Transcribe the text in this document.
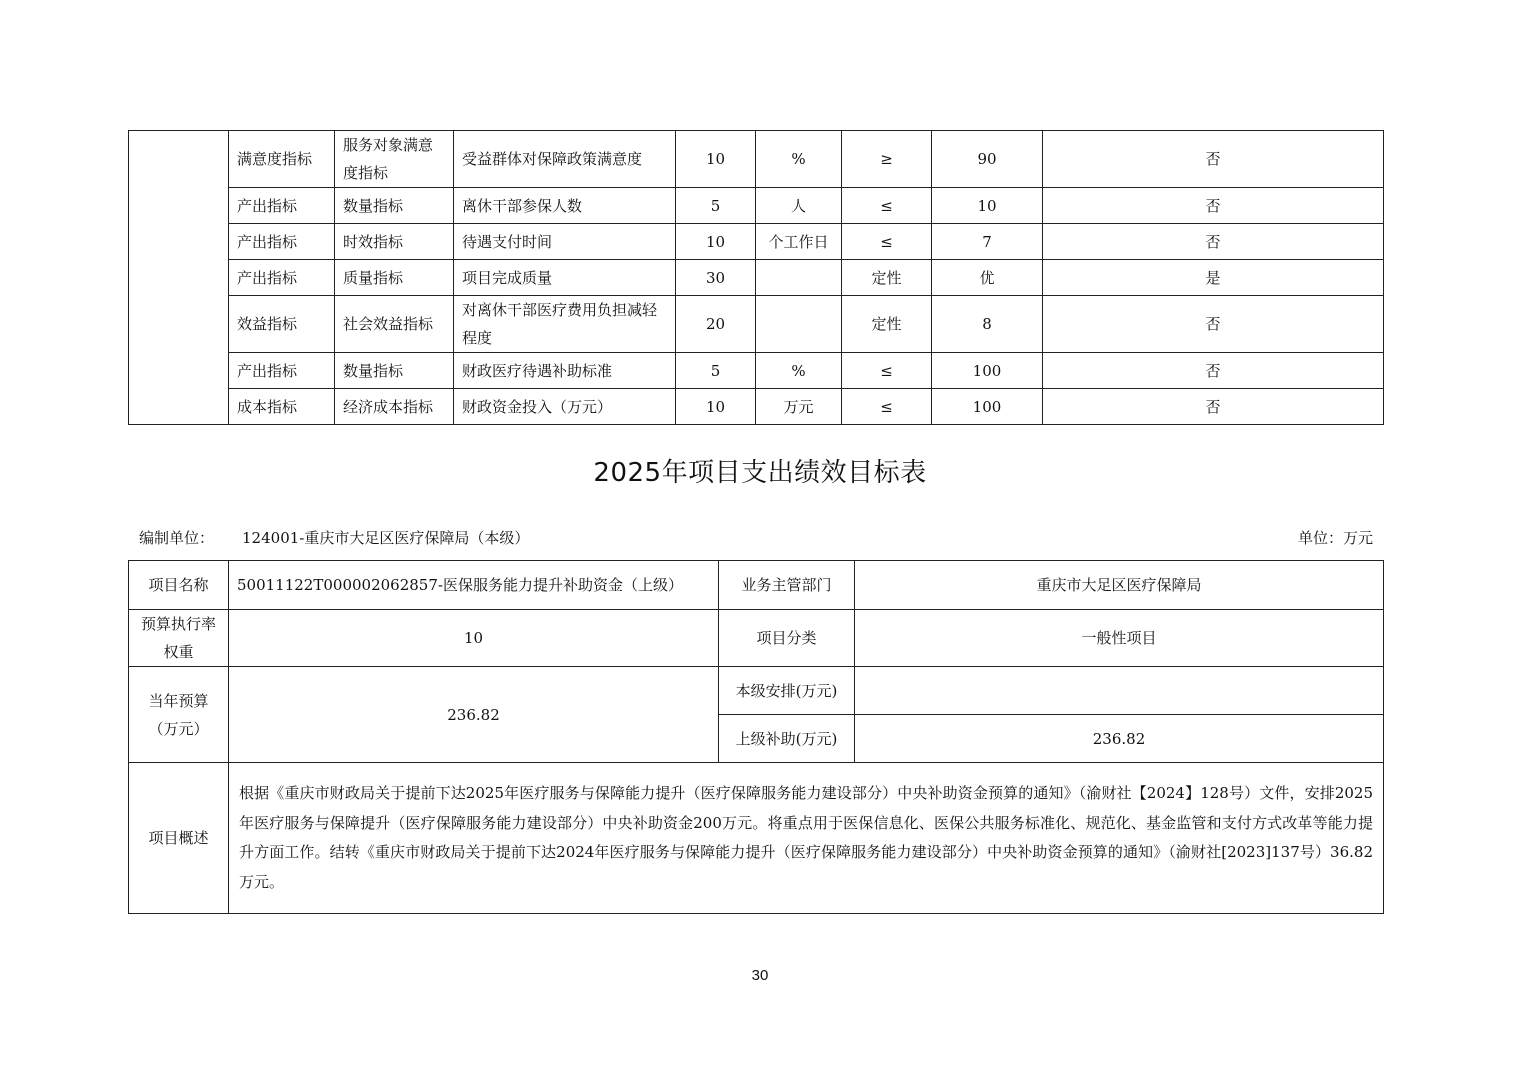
	满意度指标	服务对象满意度指标	受益群体对保障政策满意度	10	%	≥	90	否
	产出指标	数量指标	离休干部参保人数	5	人	≤	10	否
	产出指标	时效指标	待遇支付时间	10	个工作日	≤	7	否
	产出指标	质量指标	项目完成质量	30		定性	优	是
	效益指标	社会效益指标	对离休干部医疗费用负担减轻程度	20		定性	8	否
	产出指标	数量指标	财政医疗待遇补助标准	5	%	≤	100	否
	成本指标	经济成本指标	财政资金投入（万元）	10	万元	≤	100	否
2025年项目支出绩效目标表
编制单位： 124001-重庆市大足区医疗保障局（本级）	单位：万元
项目名称	50011122T000002062857-医保服务能力提升补助资金（上级）	业务主管部门	重庆市大足区医疗保障局
预算执行率权重	10	项目分类	一般性项目
当年预算（万元）	236.82	本级安排(万元)	
		上级补助(万元)	236.82
项目概述	根据《重庆市财政局关于提前下达2025年医疗服务与保障能力提升（医疗保障服务能力建设部分）中央补助资金预算的通知》（渝财社【2024】128号）文件，安排2025年医疗服务与保障提升（医疗保障服务能力建设部分）中央补助资金200万元。将重点用于医保信息化、医保公共服务标准化、规范化、基金监管和支付方式改革等能力提升方面工作。结转《重庆市财政局关于提前下达2024年医疗服务与保障能力提升（医疗保障服务能力建设部分）中央补助资金预算的通知》（渝财社[2023]137号）36.82万元。		
30
